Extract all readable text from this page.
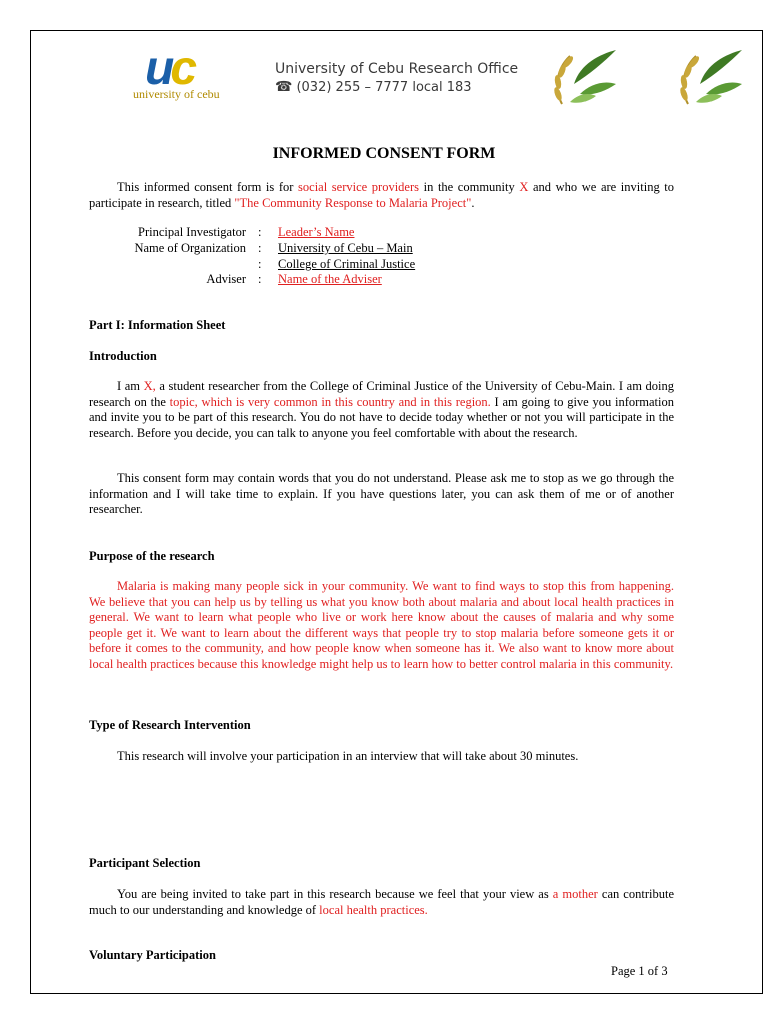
uc
university of cebu
University of Cebu Research Office
☎ (032) 255 – 7777 local 183
INFORMED CONSENT FORM
This informed consent form is for social service providers in the community X and who we are inviting to participate in research, titled "The Community Response to Malaria Project".
Principal Investigator : Leader’s Name
Name of Organization : University of Cebu – Main
: College of Criminal Justice
Adviser : Name of the Adviser
Part I: Information Sheet
Introduction
I am X, a student researcher from the College of Criminal Justice of the University of Cebu-Main. I am doing research on the topic, which is very common in this country and in this region. I am going to give you information and invite you to be part of this research. You do not have to decide today whether or not you will participate in the research. Before you decide, you can talk to anyone you feel comfortable with about the research.
This consent form may contain words that you do not understand. Please ask me to stop as we go through the information and I will take time to explain. If you have questions later, you can ask them of me or of another researcher.
Purpose of the research
Malaria is making many people sick in your community. We want to find ways to stop this from happening. We believe that you can help us by telling us what you know both about malaria and about local health practices in general. We want to learn what people who live or work here know about the causes of malaria and why some people get it. We want to learn about the different ways that people try to stop malaria before someone gets it or before it comes to the community, and how people know when someone has it. We also want to know more about local health practices because this knowledge might help us to learn how to better control malaria in this community.
Type of Research Intervention
This research will involve your participation in an interview that will take about 30 minutes.
Participant Selection
You are being invited to take part in this research because we feel that your view as a mother can contribute much to our understanding and knowledge of local health practices.
Voluntary Participation
Page 1 of 3
